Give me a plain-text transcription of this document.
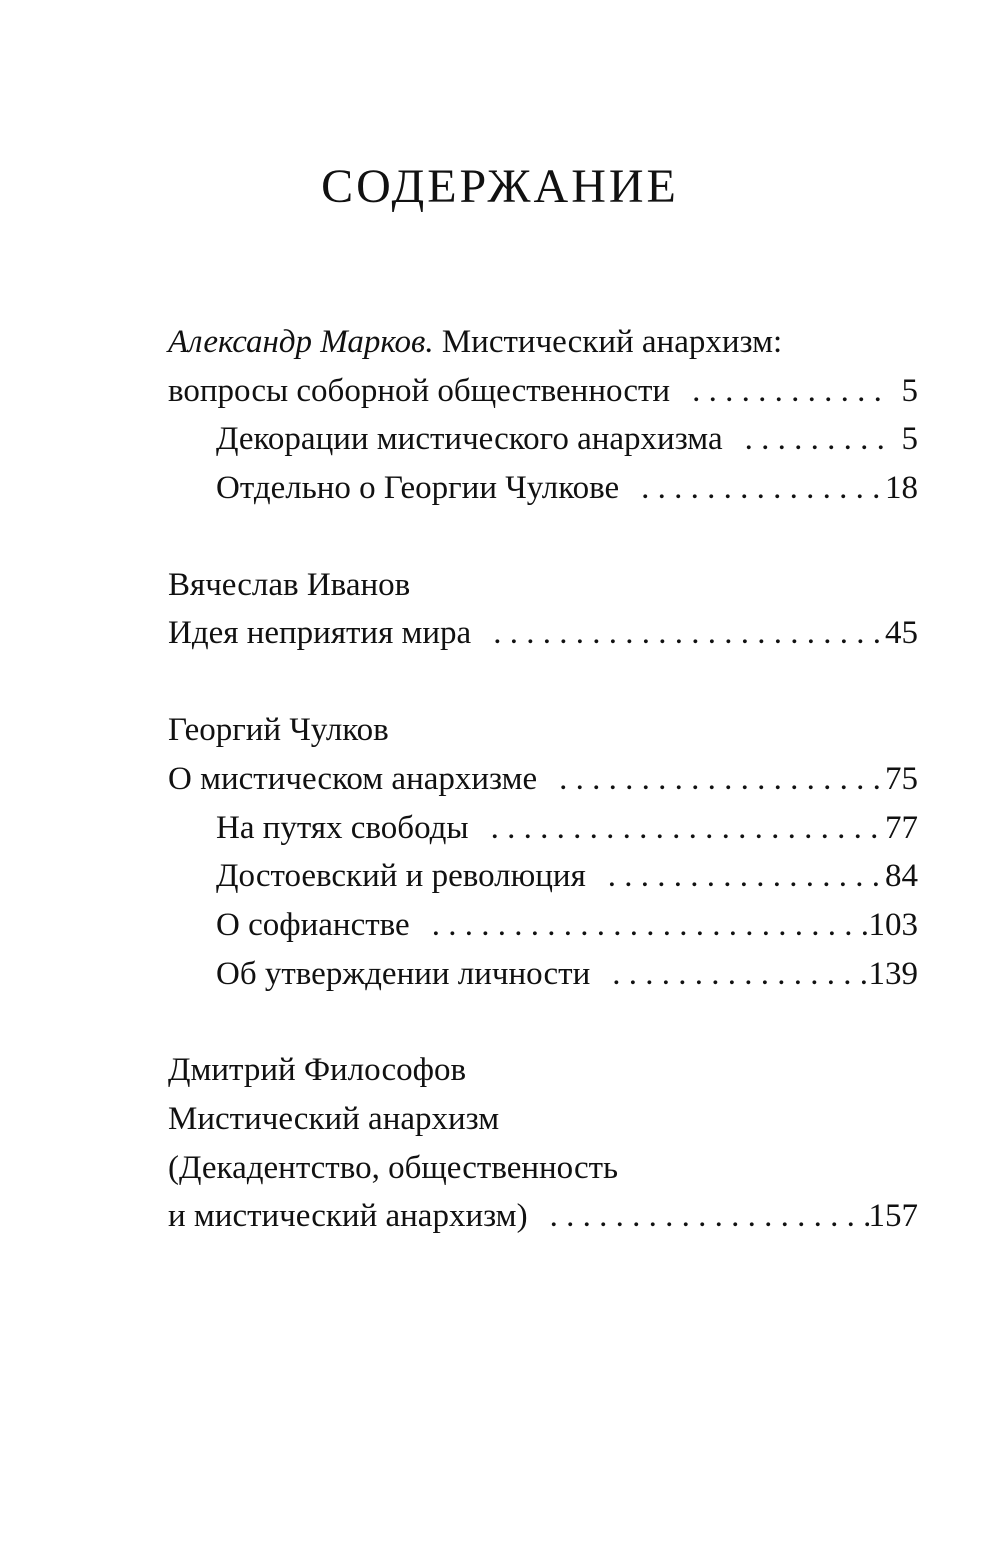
СОДЕРЖАНИЕ
Александр Марков. Мистический анархизм:
вопросы соборной общественности . . .	5
Декорации мистического анархизма . . .	5
Отдельно о Георгии Чулкове . . .	18
Вячеслав Иванов
Идея неприятия мира . . .	45
Георгий Чулков
О мистическом анархизме . . .	75
На путях свободы . . .	77
Достоевский и революция . . .	84
О софианстве . . .	103
Об утверждении личности . . .	139
Дмитрий Философов
Мистический анархизм
(Декадентство, общественность
и мистический анархизм) . . .	157
